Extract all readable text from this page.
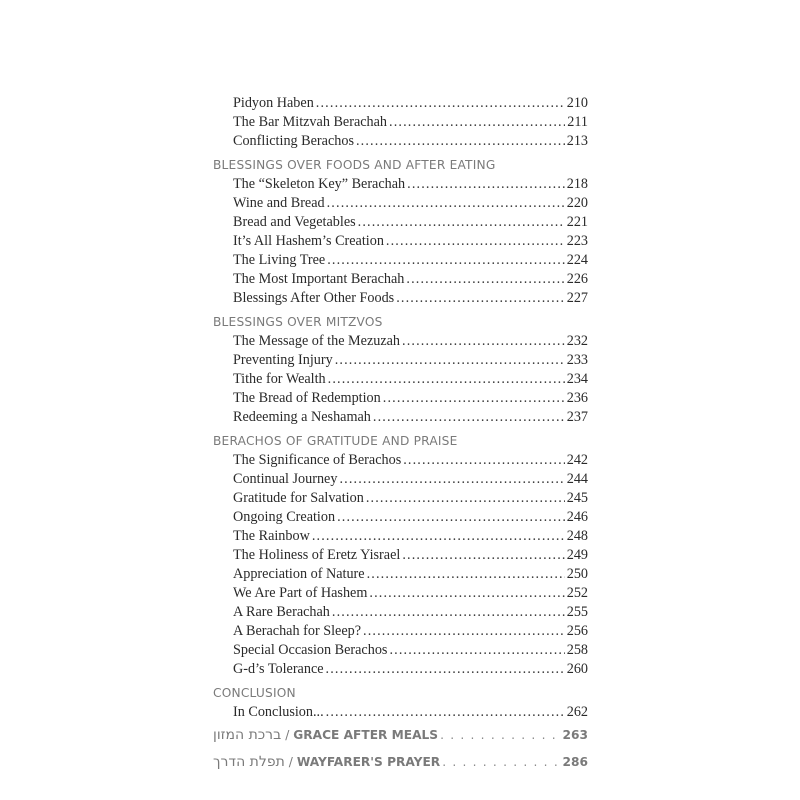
Pidyon Haben . . .	210
The Bar Mitzvah Berachah . . .	211
Conflicting Berachos . . .	213
BLESSINGS OVER FOODS AND AFTER EATING
The “Skeleton Key” Berachah . . .	218
Wine and Bread . . .	220
Bread and Vegetables . . .	221
It’s All Hashem’s Creation . . .	223
The Living Tree . . .	224
The Most Important Berachah . . .	226
Blessings After Other Foods . . .	227
BLESSINGS OVER MITZVOS
The Message of the Mezuzah . . .	232
Preventing Injury . . .	233
Tithe for Wealth . . .	234
The Bread of Redemption . . .	236
Redeeming a Neshamah . . .	237
BERACHOS OF GRATITUDE AND PRAISE
The Significance of Berachos . . .	242
Continual Journey . . .	244
Gratitude for Salvation . . .	245
Ongoing Creation . . .	246
The Rainbow . . .	248
The Holiness of Eretz Yisrael . . .	249
Appreciation of Nature . . .	250
We Are Part of Hashem . . .	252
A Rare Berachah . . .	255
A Berachah for Sleep? . . .	256
Special Occasion Berachos . . .	258
G-d’s Tolerance . . .	260
CONCLUSION
In Conclusion... . . .	262
ברכת המזון / GRACE AFTER MEALS . . .	263
תפלת הדרך / WAYFARER'S PRAYER . . .	286
